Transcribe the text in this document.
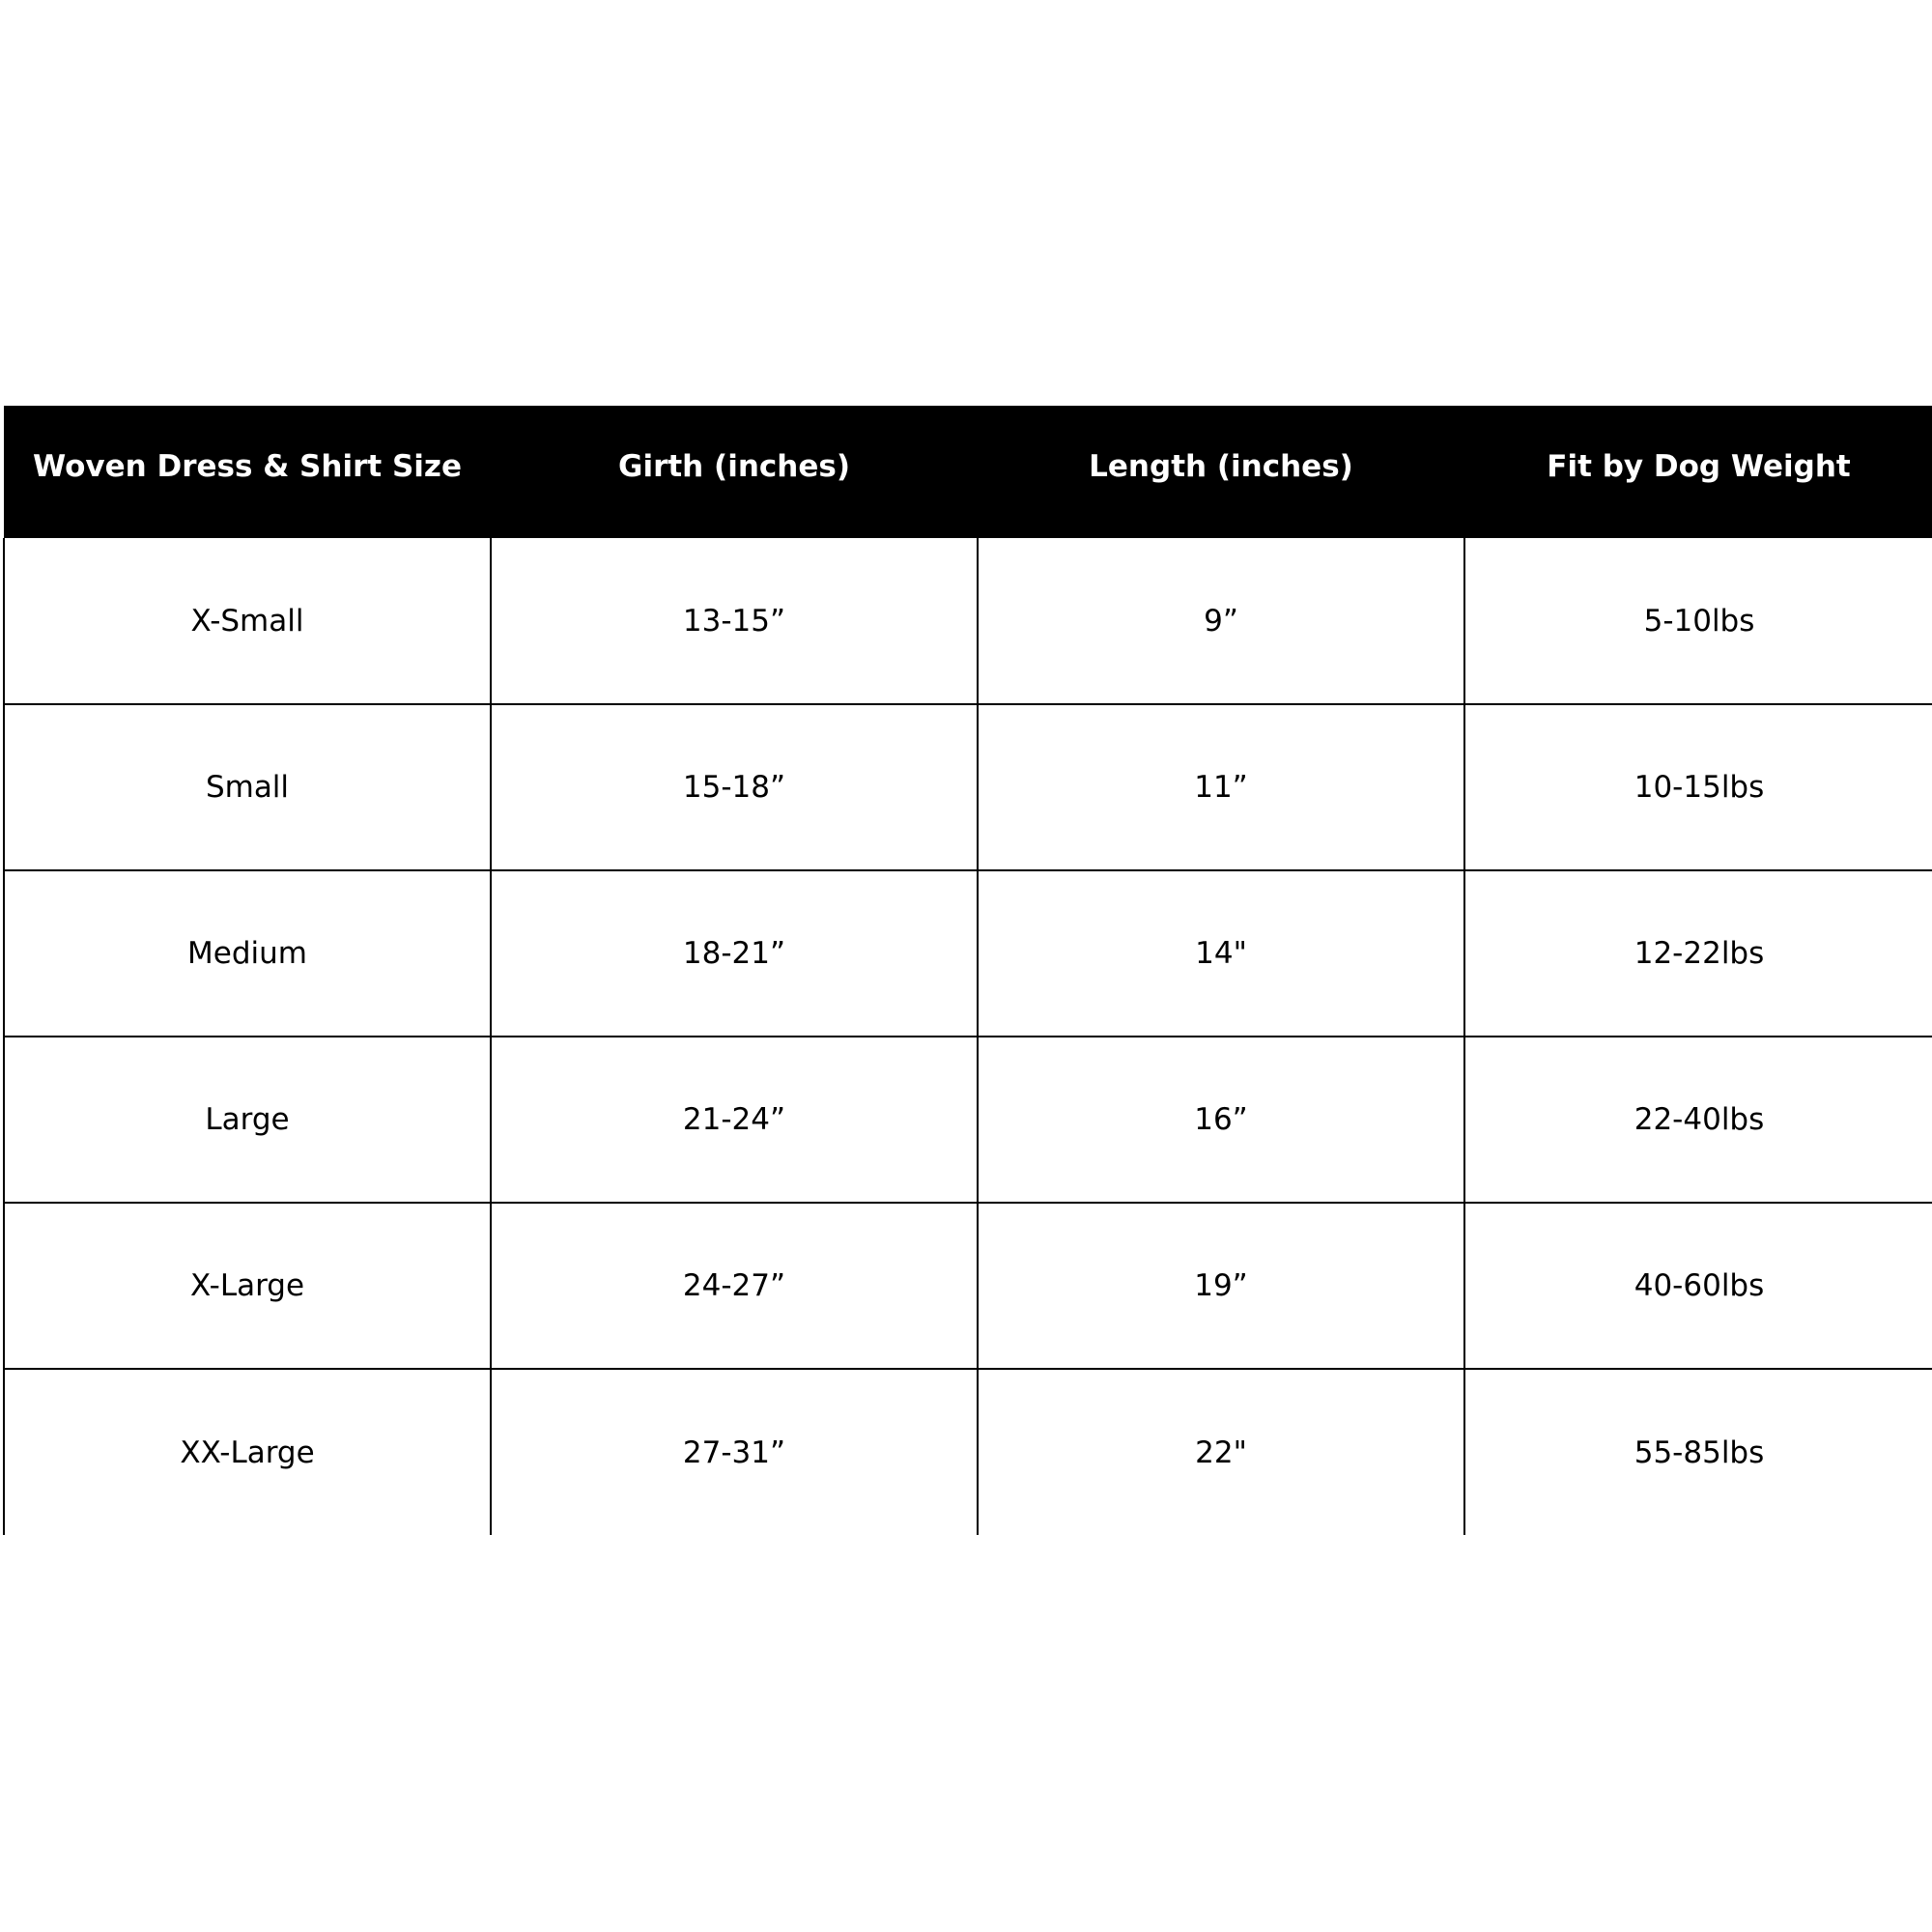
Woven Dress & Shirt Size	Girth (inches)	Length (inches)	Fit by Dog Weight
X-Small	13-15”	9”	5-10lbs
Small	15-18”	11”	10-15lbs
Medium	18-21”	14"	12-22lbs
Large	21-24”	16”	22-40lbs
X-Large	24-27”	19”	40-60lbs
XX-Large	27-31”	22"	55-85lbs
